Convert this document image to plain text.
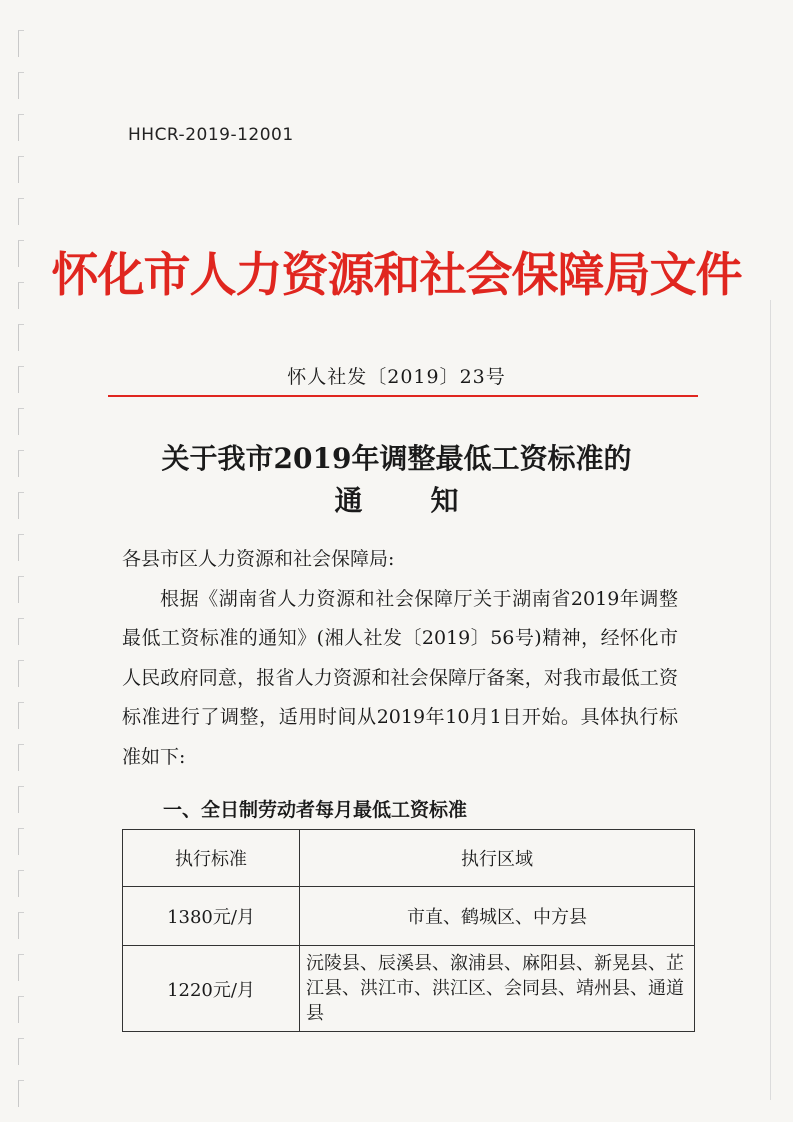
HHCR-2019-12001
怀化市人力资源和社会保障局文件
怀人社发〔2019〕23号
关于我市2019年调整最低工资标准的
通知

各县市区人力资源和社会保障局:

根据《湖南省人力资源和社会保障厅关于湖南省2019年调整最低工资标准的通知》(湘人社发〔2019〕56号)精神，经怀化市人民政府同意，报省人力资源和社会保障厅备案，对我市最低工资标准进行了调整，适用时间从2019年10月1日开始。具体执行标准如下:

一、全日制劳动者每月最低工资标准
执行标准	执行区域
1380元/月	市直、鹤城区、中方县
1220元/月	沅陵县、辰溪县、溆浦县、麻阳县、新晃县、芷江县、洪江市、洪江区、会同县、靖州县、通道县
